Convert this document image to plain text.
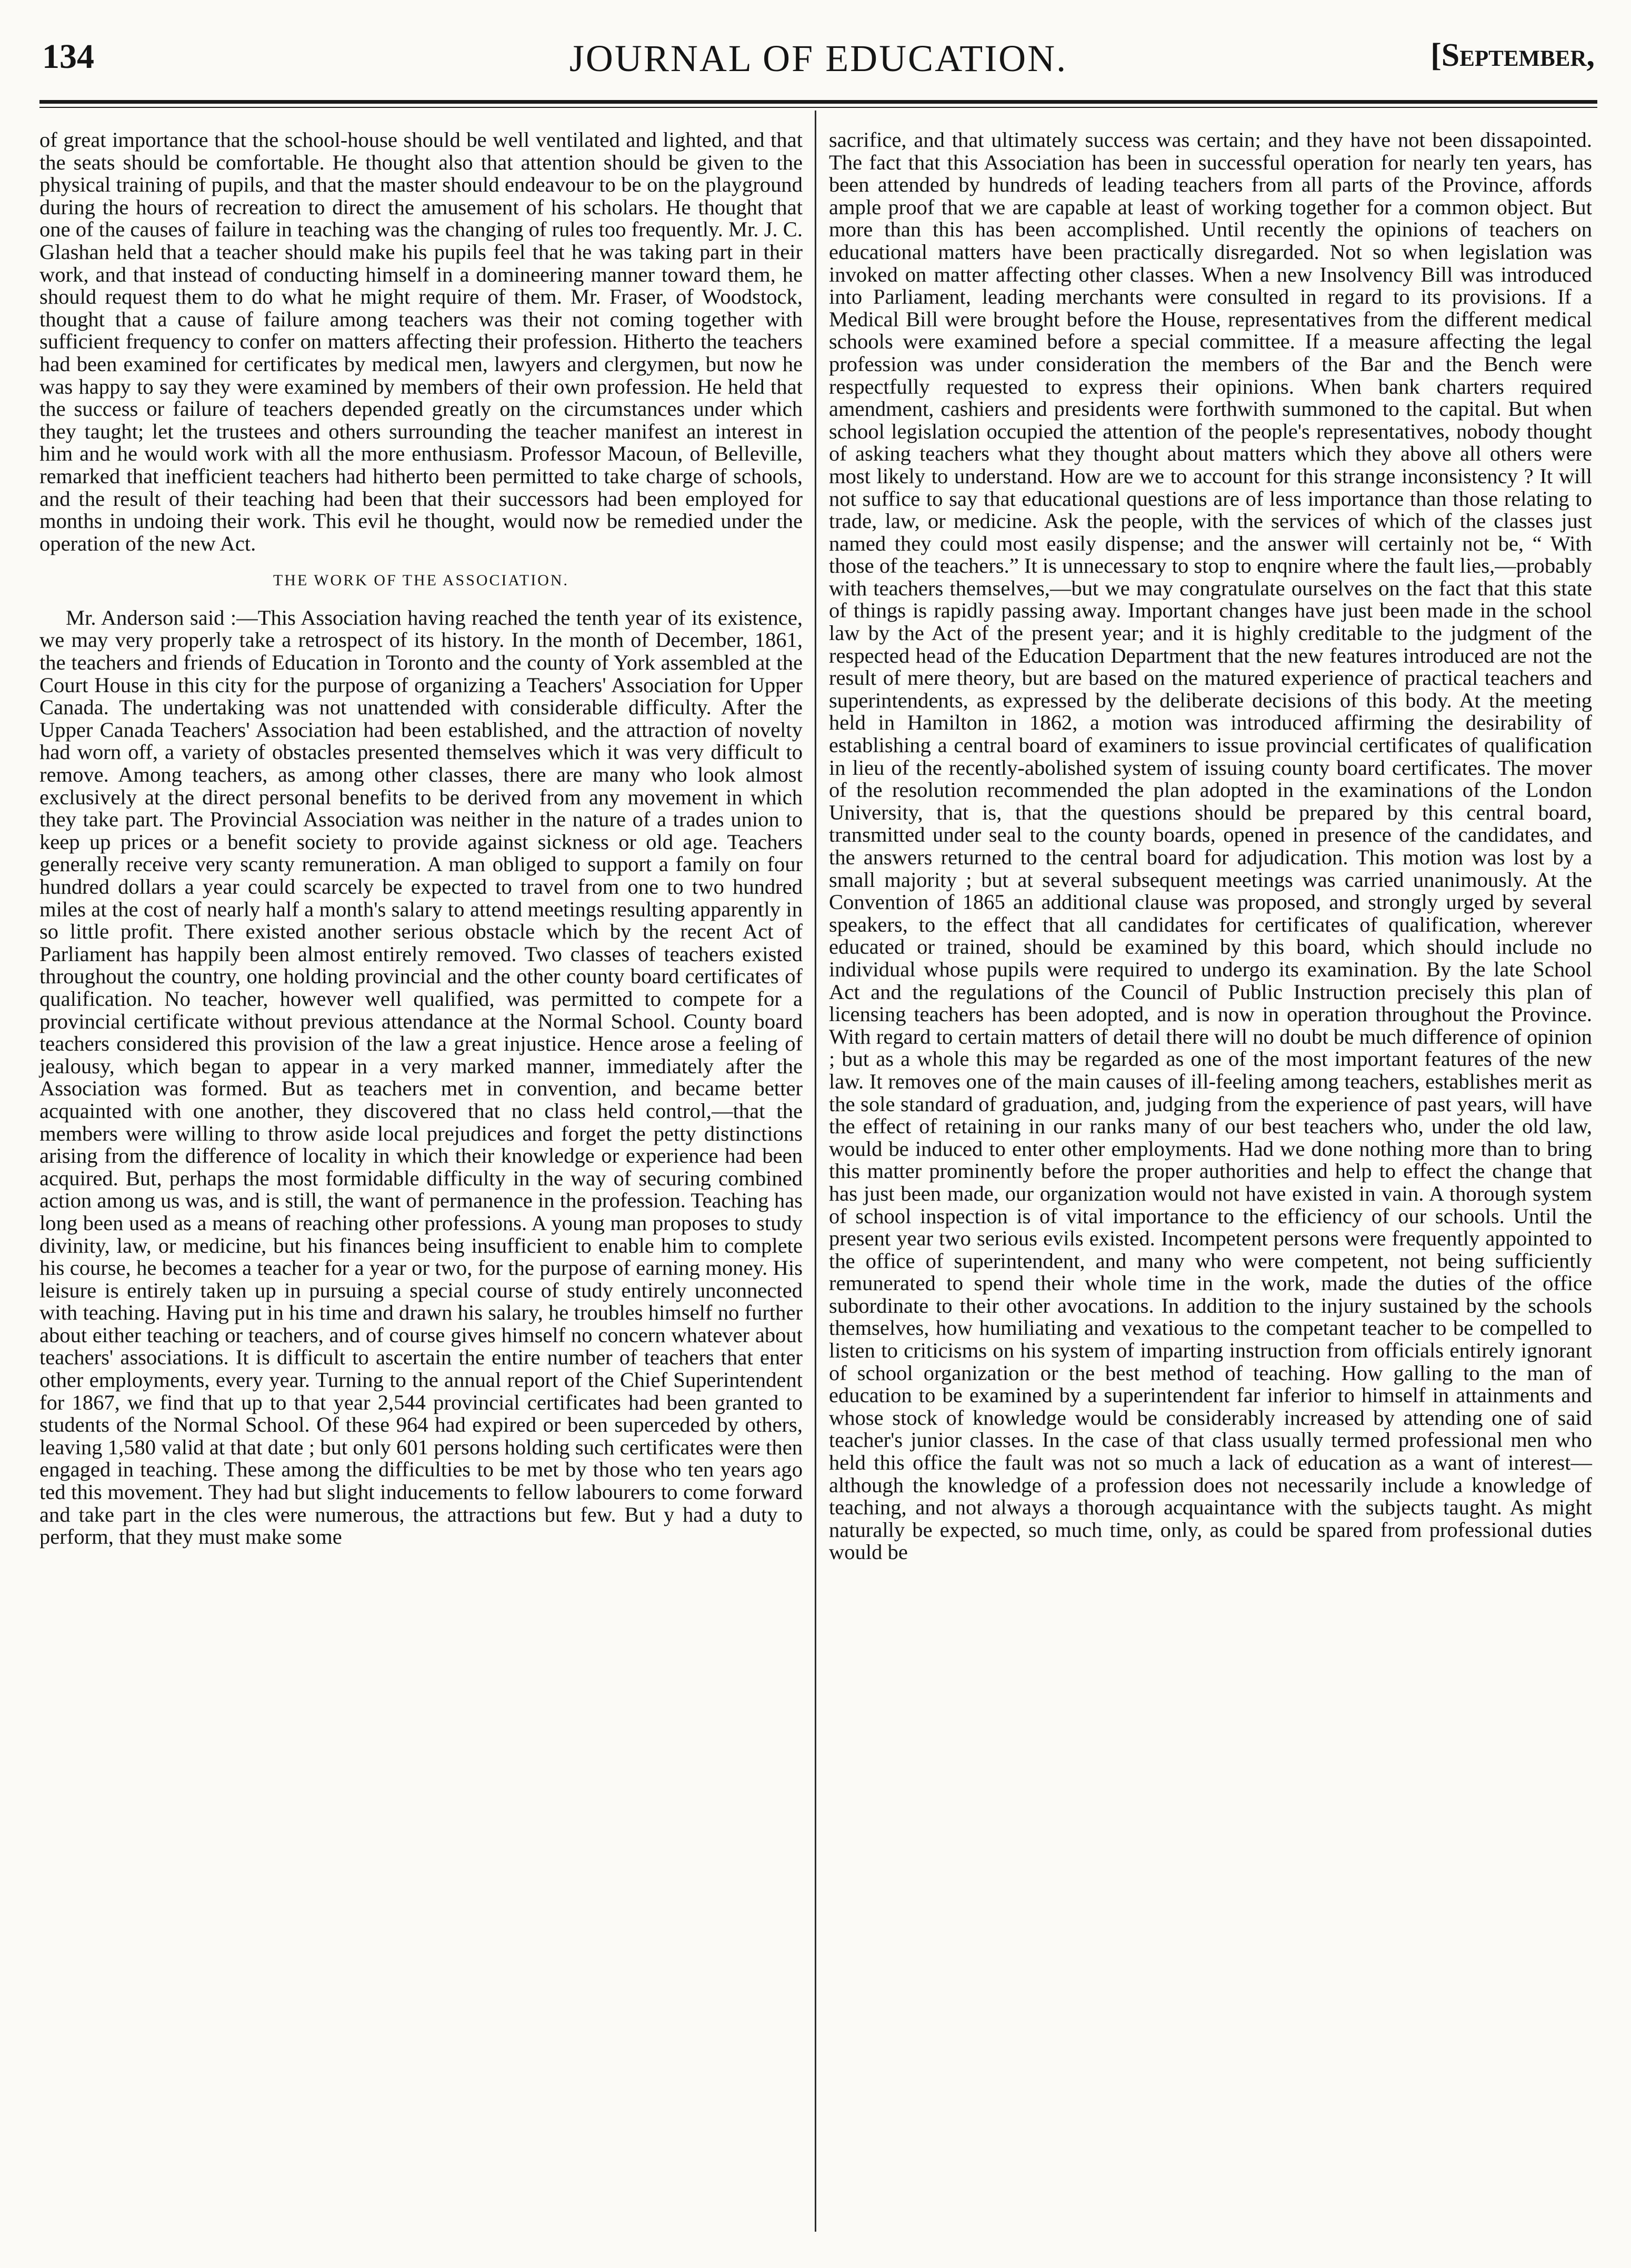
134	JOURNAL OF EDUCATION.	[September,

of great importance that the school-house should be well ventilated and lighted, and that the seats should be comfortable. He thought also that attention should be given to the physical training of pupils, and that the master should endeavour to be on the playground during the hours of recreation to direct the amusement of his scholars. He thought that one of the causes of failure in teaching was the changing of rules too frequently. Mr. J. C. Glashan held that a teacher should make his pupils feel that he was taking part in their work, and that instead of conducting himself in a domineering manner toward them, he should request them to do what he might require of them. Mr. Fraser, of Woodstock, thought that a cause of failure among teachers was their not coming together with sufficient frequency to confer on matters affecting their profession. Hitherto the teachers had been examined for certificates by medical men, lawyers and clergymen, but now he was happy to say they were examined by members of their own profession. He held that the success or failure of teachers depended greatly on the circumstances under which they taught; let the trustees and others surrounding the teacher manifest an interest in him and he would work with all the more enthusiasm. Professor Macoun, of Belleville, remarked that inefficient teachers had hitherto been permitted to take charge of schools, and the result of their teaching had been that their successors had been employed for months in undoing their work. This evil he thought, would now be remedied under the operation of the new Act.

THE WORK OF THE ASSOCIATION.

Mr. Anderson said :—This Association having reached the tenth year of its existence, we may very properly take a retrospect of its history. In the month of December, 1861, the teachers and friends of Education in Toronto and the county of York assembled at the Court House in this city for the purpose of organizing a Teachers' Association for Upper Canada. The undertaking was not unattended with considerable difficulty. After the Upper Canada Teachers' Association had been established, and the attraction of novelty had worn off, a variety of obstacles presented themselves which it was very difficult to remove. Among teachers, as among other classes, there are many who look almost exclusively at the direct personal benefits to be derived from any movement in which they take part. The Provincial Association was neither in the nature of a trades union to keep up prices or a benefit society to provide against sickness or old age. Teachers generally receive very scanty remuneration. A man obliged to support a family on four hundred dollars a year could scarcely be expected to travel from one to two hundred miles at the cost of nearly half a month's salary to attend meetings resulting apparently in so little profit. There existed another serious obstacle which by the recent Act of Parliament has happily been almost entirely removed. Two classes of teachers existed throughout the country, one holding provincial and the other county board certificates of qualification. No teacher, however well qualified, was permitted to compete for a provincial certificate without previous attendance at the Normal School. County board teachers considered this provision of the law a great injustice. Hence arose a feeling of jealousy, which began to appear in a very marked manner, immediately after the Association was formed. But as teachers met in convention, and became better acquainted with one another, they discovered that no class held control,—that the members were willing to throw aside local prejudices and forget the petty distinctions arising from the difference of locality in which their knowledge or experience had been acquired. But, perhaps the most formidable difficulty in the way of securing combined action among us was, and is still, the want of permanence in the profession. Teaching has long been used as a means of reaching other professions. A young man proposes to study divinity, law, or medicine, but his finances being insufficient to enable him to complete his course, he becomes a teacher for a year or two, for the purpose of earning money. His leisure is entirely taken up in pursuing a special course of study entirely unconnected with teaching. Having put in his time and drawn his salary, he troubles himself no further about either teaching or teachers, and of course gives himself no concern whatever about teachers' associations. It is difficult to ascertain the entire number of teachers that enter other employments, every year. Turning to the annual report of the Chief Superintendent for 1867, we find that up to that year 2,544 provincial certificates had been granted to students of the Normal School. Of these 964 had expired or been superceded by others, leaving 1,580 valid at that date ; but only 601 persons holding such certificates were then engaged in teaching. These among the difficulties to be met by those who ten years ago ted this movement. They had but slight inducements to fellow labourers to come forward and take part in the cles were numerous, the attractions but few. But y had a duty to perform, that they must make some

sacrifice, and that ultimately success was certain; and they have not been dissapointed. The fact that this Association has been in successful operation for nearly ten years, has been attended by hundreds of leading teachers from all parts of the Province, affords ample proof that we are capable at least of working together for a common object. But more than this has been accomplished. Until recently the opinions of teachers on educational matters have been practically disregarded. Not so when legislation was invoked on matter affecting other classes. When a new Insolvency Bill was introduced into Parliament, leading merchants were consulted in regard to its provisions. If a Medical Bill were brought before the House, representatives from the different medical schools were examined before a special committee. If a measure affecting the legal profession was under consideration the members of the Bar and the Bench were respectfully requested to express their opinions. When bank charters required amendment, cashiers and presidents were forthwith summoned to the capital. But when school legislation occupied the attention of the people's representatives, nobody thought of asking teachers what they thought about matters which they above all others were most likely to understand. How are we to account for this strange inconsistency ? It will not suffice to say that educational questions are of less importance than those relating to trade, law, or medicine. Ask the people, with the services of which of the classes just named they could most easily dispense; and the answer will certainly not be, “ With those of the teachers.” It is unnecessary to stop to enqnire where the fault lies,—probably with teachers themselves,—but we may congratulate ourselves on the fact that this state of things is rapidly passing away. Important changes have just been made in the school law by the Act of the present year; and it is highly creditable to the judgment of the respected head of the Education Department that the new features introduced are not the result of mere theory, but are based on the matured experience of practical teachers and superintendents, as expressed by the deliberate decisions of this body. At the meeting held in Hamilton in 1862, a motion was introduced affirming the desirability of establishing a central board of examiners to issue provincial certificates of qualification in lieu of the recently-abolished system of issuing county board certificates. The mover of the resolution recommended the plan adopted in the examinations of the London University, that is, that the questions should be prepared by this central board, transmitted under seal to the county boards, opened in presence of the candidates, and the answers returned to the central board for adjudication. This motion was lost by a small majority ; but at several subsequent meetings was carried unanimously. At the Convention of 1865 an additional clause was proposed, and strongly urged by several speakers, to the effect that all candidates for certificates of qualification, wherever educated or trained, should be examined by this board, which should include no individual whose pupils were required to undergo its examination. By the late School Act and the regulations of the Council of Public Instruction precisely this plan of licensing teachers has been adopted, and is now in operation throughout the Province. With regard to certain matters of detail there will no doubt be much difference of opinion ; but as a whole this may be regarded as one of the most important features of the new law. It removes one of the main causes of ill-feeling among teachers, establishes merit as the sole standard of graduation, and, judging from the experience of past years, will have the effect of retaining in our ranks many of our best teachers who, under the old law, would be induced to enter other employments. Had we done nothing more than to bring this matter prominently before the proper authorities and help to effect the change that has just been made, our organization would not have existed in vain. A thorough system of school inspection is of vital importance to the efficiency of our schools. Until the present year two serious evils existed. Incompetent persons were frequently appointed to the office of superintendent, and many who were competent, not being sufficiently remunerated to spend their whole time in the work, made the duties of the office subordinate to their other avocations. In addition to the injury sustained by the schools themselves, how humiliating and vexatious to the competant teacher to be compelled to listen to criticisms on his system of imparting instruction from officials entirely ignorant of school organization or the best method of teaching. How galling to the man of education to be examined by a superintendent far inferior to himself in attainments and whose stock of knowledge would be considerably increased by attending one of said teacher's junior classes. In the case of that class usually termed professional men who held this office the fault was not so much a lack of education as a want of interest—although the knowledge of a profession does not necessarily include a knowledge of teaching, and not always a thorough acquaintance with the subjects taught. As might naturally be expected, so much time, only, as could be spared from professional duties would be
